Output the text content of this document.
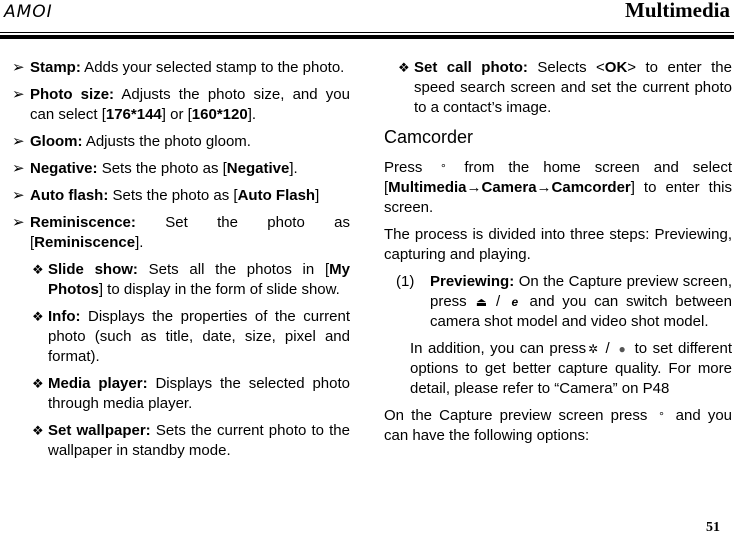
AMOI	Multimedia
➢ Stamp: Adds your selected stamp to the photo.
➢ Photo size: Adjusts the photo size, and you can select [176*144] or [160*120].
➢ Gloom: Adjusts the photo gloom.
➢ Negative: Sets the photo as [Negative].
➢ Auto flash: Sets the photo as [Auto Flash]
➢ Reminiscence: Set the photo as [Reminiscence].
❖ Slide show: Sets all the photos in [My Photos] to display in the form of slide show.
❖ Info: Displays the properties of the current photo (such as title, date, size, pixel and format).
❖ Media player: Displays the selected photo through media player.
❖ Set wallpaper: Sets the current photo to the wallpaper in standby mode.
❖ Set call photo: Selects <OK> to enter the speed search screen and set the current photo to a contact’s image.
Camcorder
Press ° from the home screen and select [Multimedia→Camera→Camcorder] to enter this screen.
The process is divided into three steps: Previewing, capturing and playing.
(1)	Previewing: On the Capture preview screen, press ⏏ / e and you can switch between camera shot model and video shot model.
In addition, you can press ✲ / ● to set different options to get better capture quality. For more detail, please refer to “Camera” on P48
On the Capture preview screen press ° and you can have the following options:
51
